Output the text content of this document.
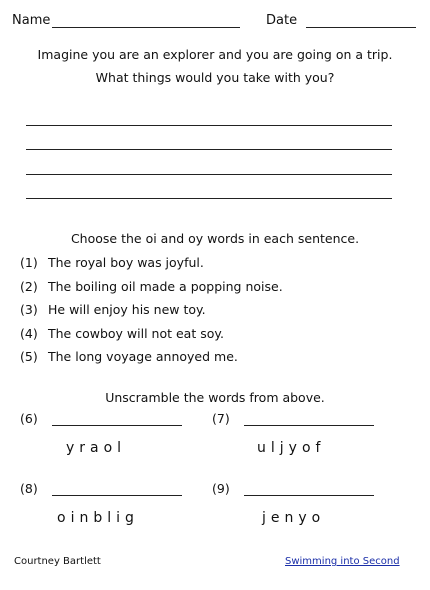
Name	Date
Imagine you are an explorer and you are going on a trip. What things would you take with you?
Choose the oi and oy words in each sentence.
(1) The royal boy was joyful.
(2) The boiling oil made a popping noise.
(3) He will enjoy his new toy.
(4) The cowboy will not eat soy.
(5) The long voyage annoyed me.
Unscramble the words from above.
(6)
yraol
(7)
uljyof
(8)
oinblig
(9)
jenyo
Courtney Bartlett	Swimming into Second
